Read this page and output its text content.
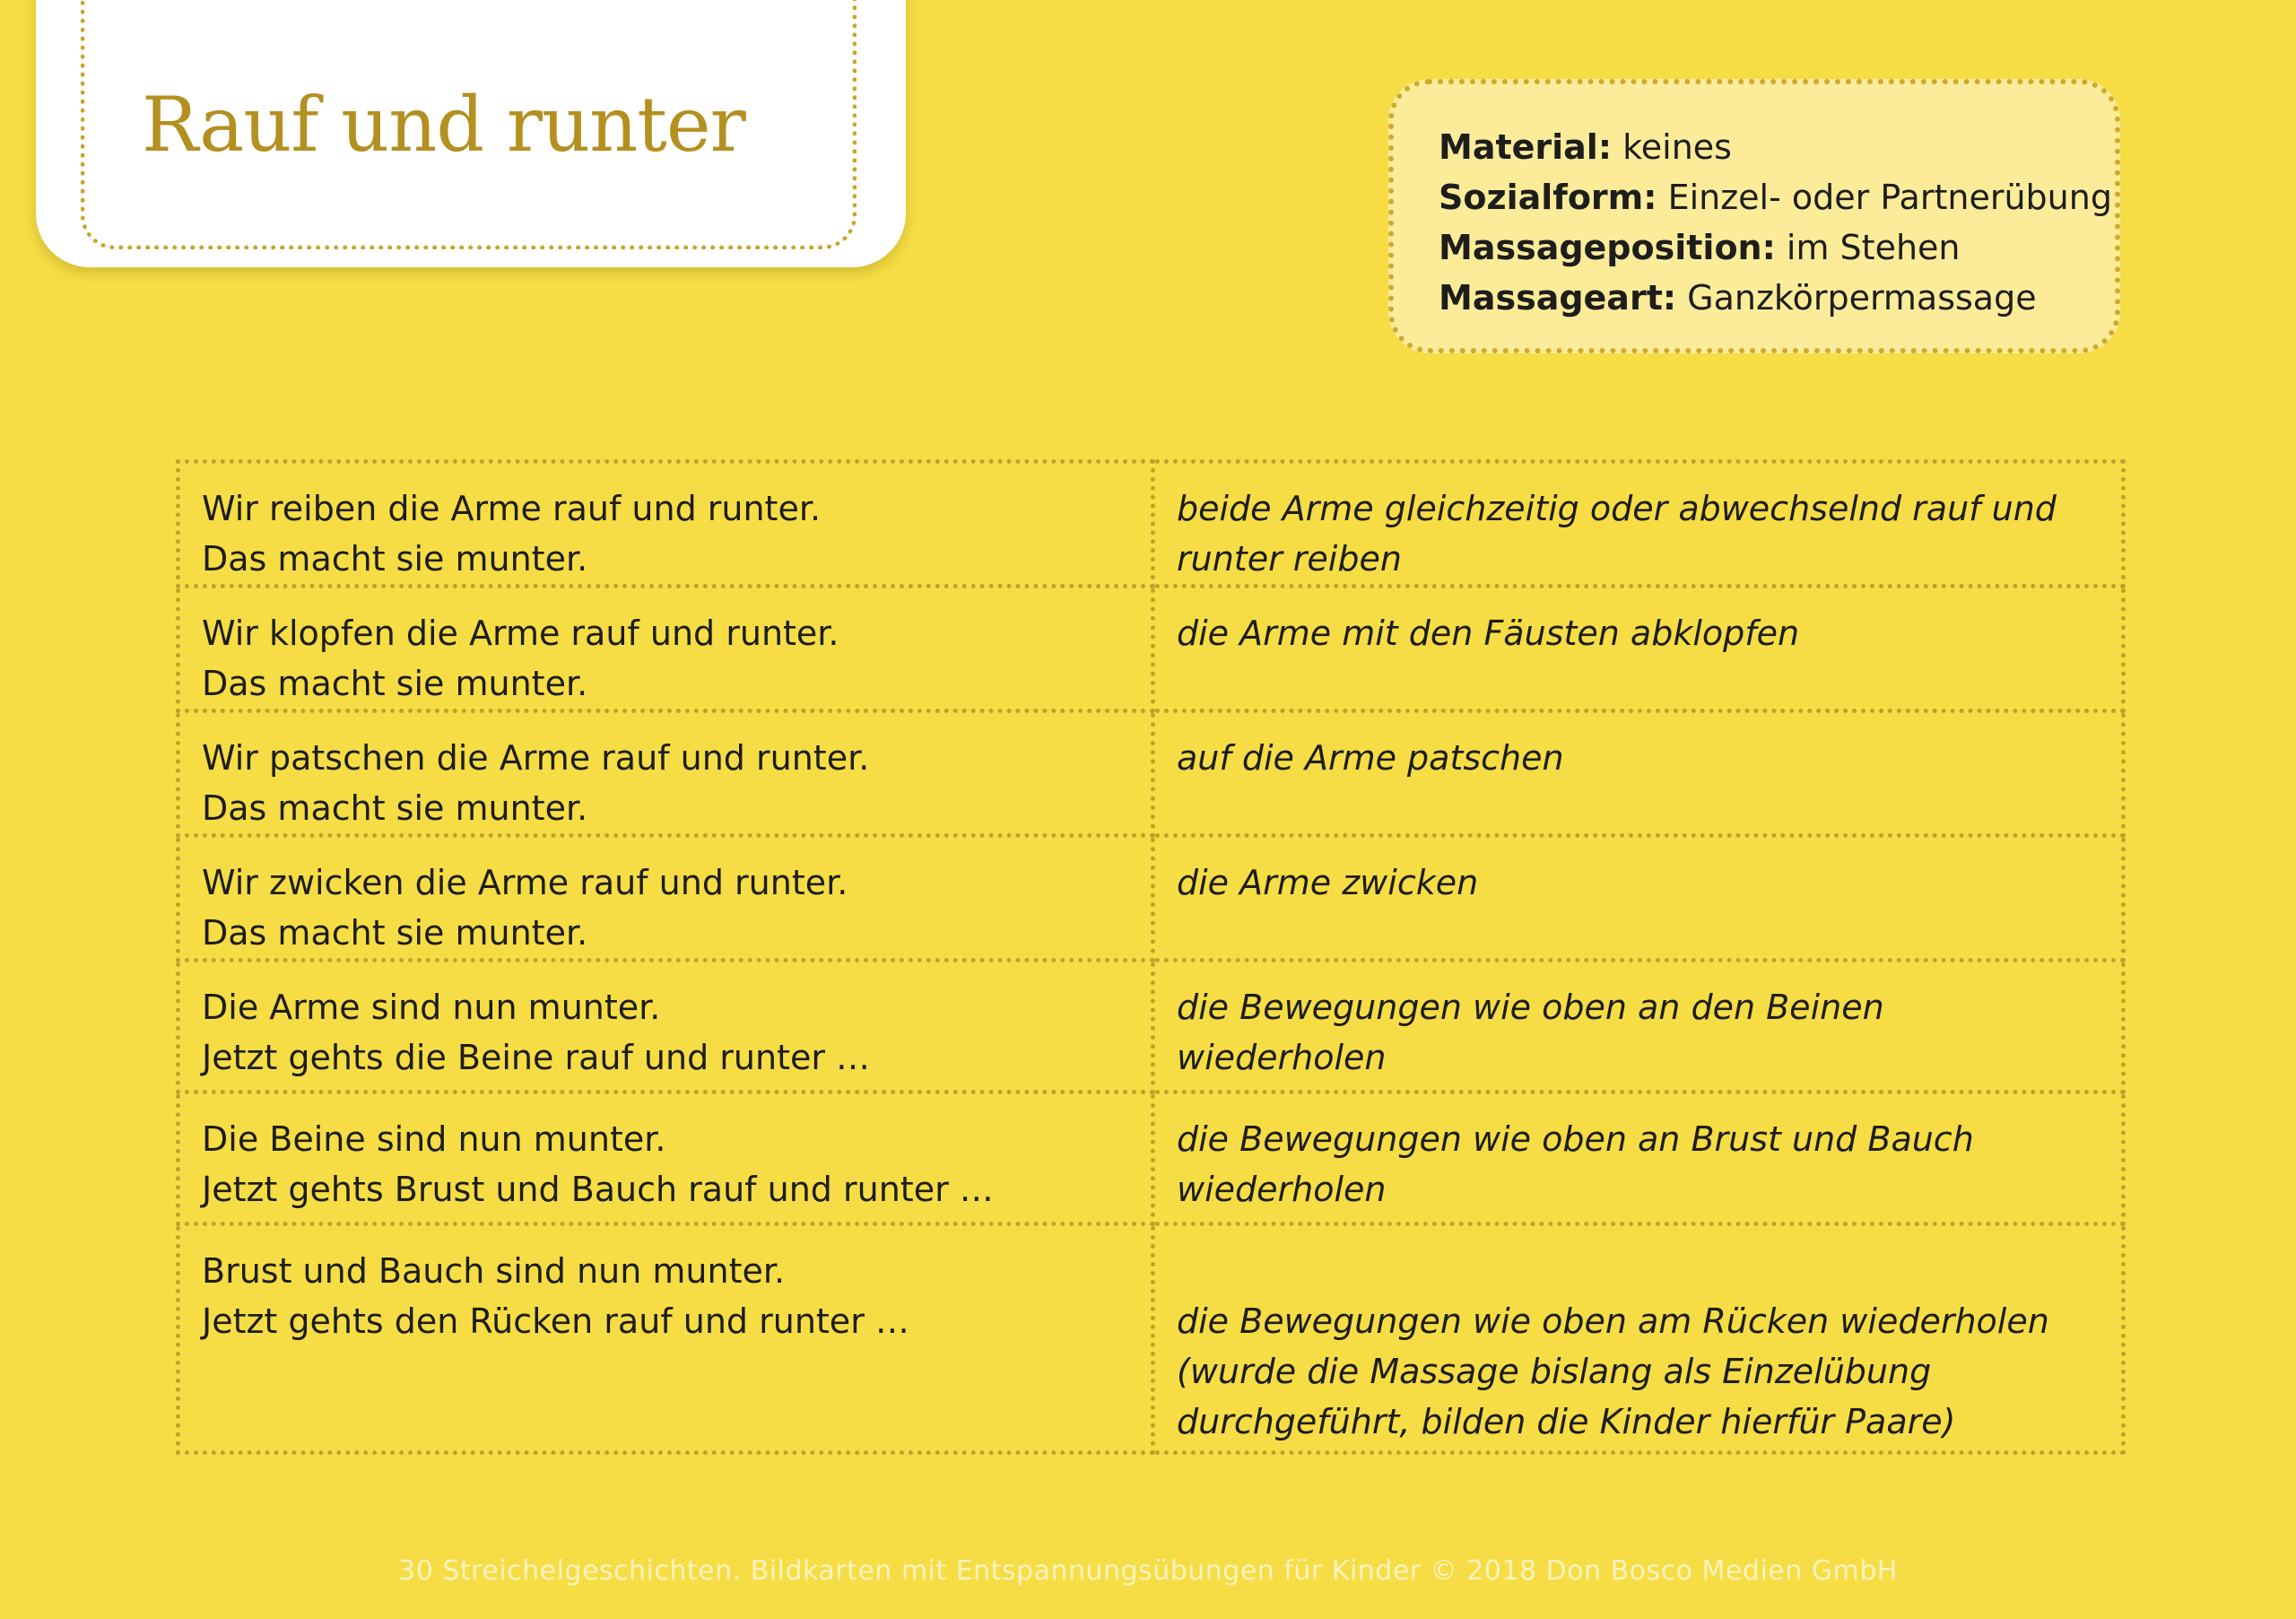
Rauf und runter	Material: keines
Sozialform: Einzel- oder Partnerübung
Massageposition: im Stehen
Massageart: Ganzkörpermassage
Wir reiben die Arme rauf und runter.
Das macht sie munter.	beide Arme gleichzeitig oder abwechselnd rauf und runter reiben

Wir klopfen die Arme rauf und runter.
Das macht sie munter.	die Arme mit den Fäusten abklopfen

Wir patschen die Arme rauf und runter.
Das macht sie munter.	auf die Arme patschen

Wir zwicken die Arme rauf und runter.
Das macht sie munter.	die Arme zwicken

Die Arme sind nun munter.
Jetzt gehts die Beine rauf und runter …	die Bewegungen wie oben an den Beinen wiederholen

Die Beine sind nun munter.
Jetzt gehts Brust und Bauch rauf und runter …	die Bewegungen wie oben an Brust und Bauch wiederholen

Brust und Bauch sind nun munter.
Jetzt gehts den Rücken rauf und runter …	die Bewegungen wie oben am Rücken wiederholen (wurde die Massage bislang als Einzelübung durchgeführt, bilden die Kinder hierfür Paare)
30 Streichelgeschichten. Bildkarten mit Entspannungsübungen für Kinder © 2018 Don Bosco Medien GmbH
